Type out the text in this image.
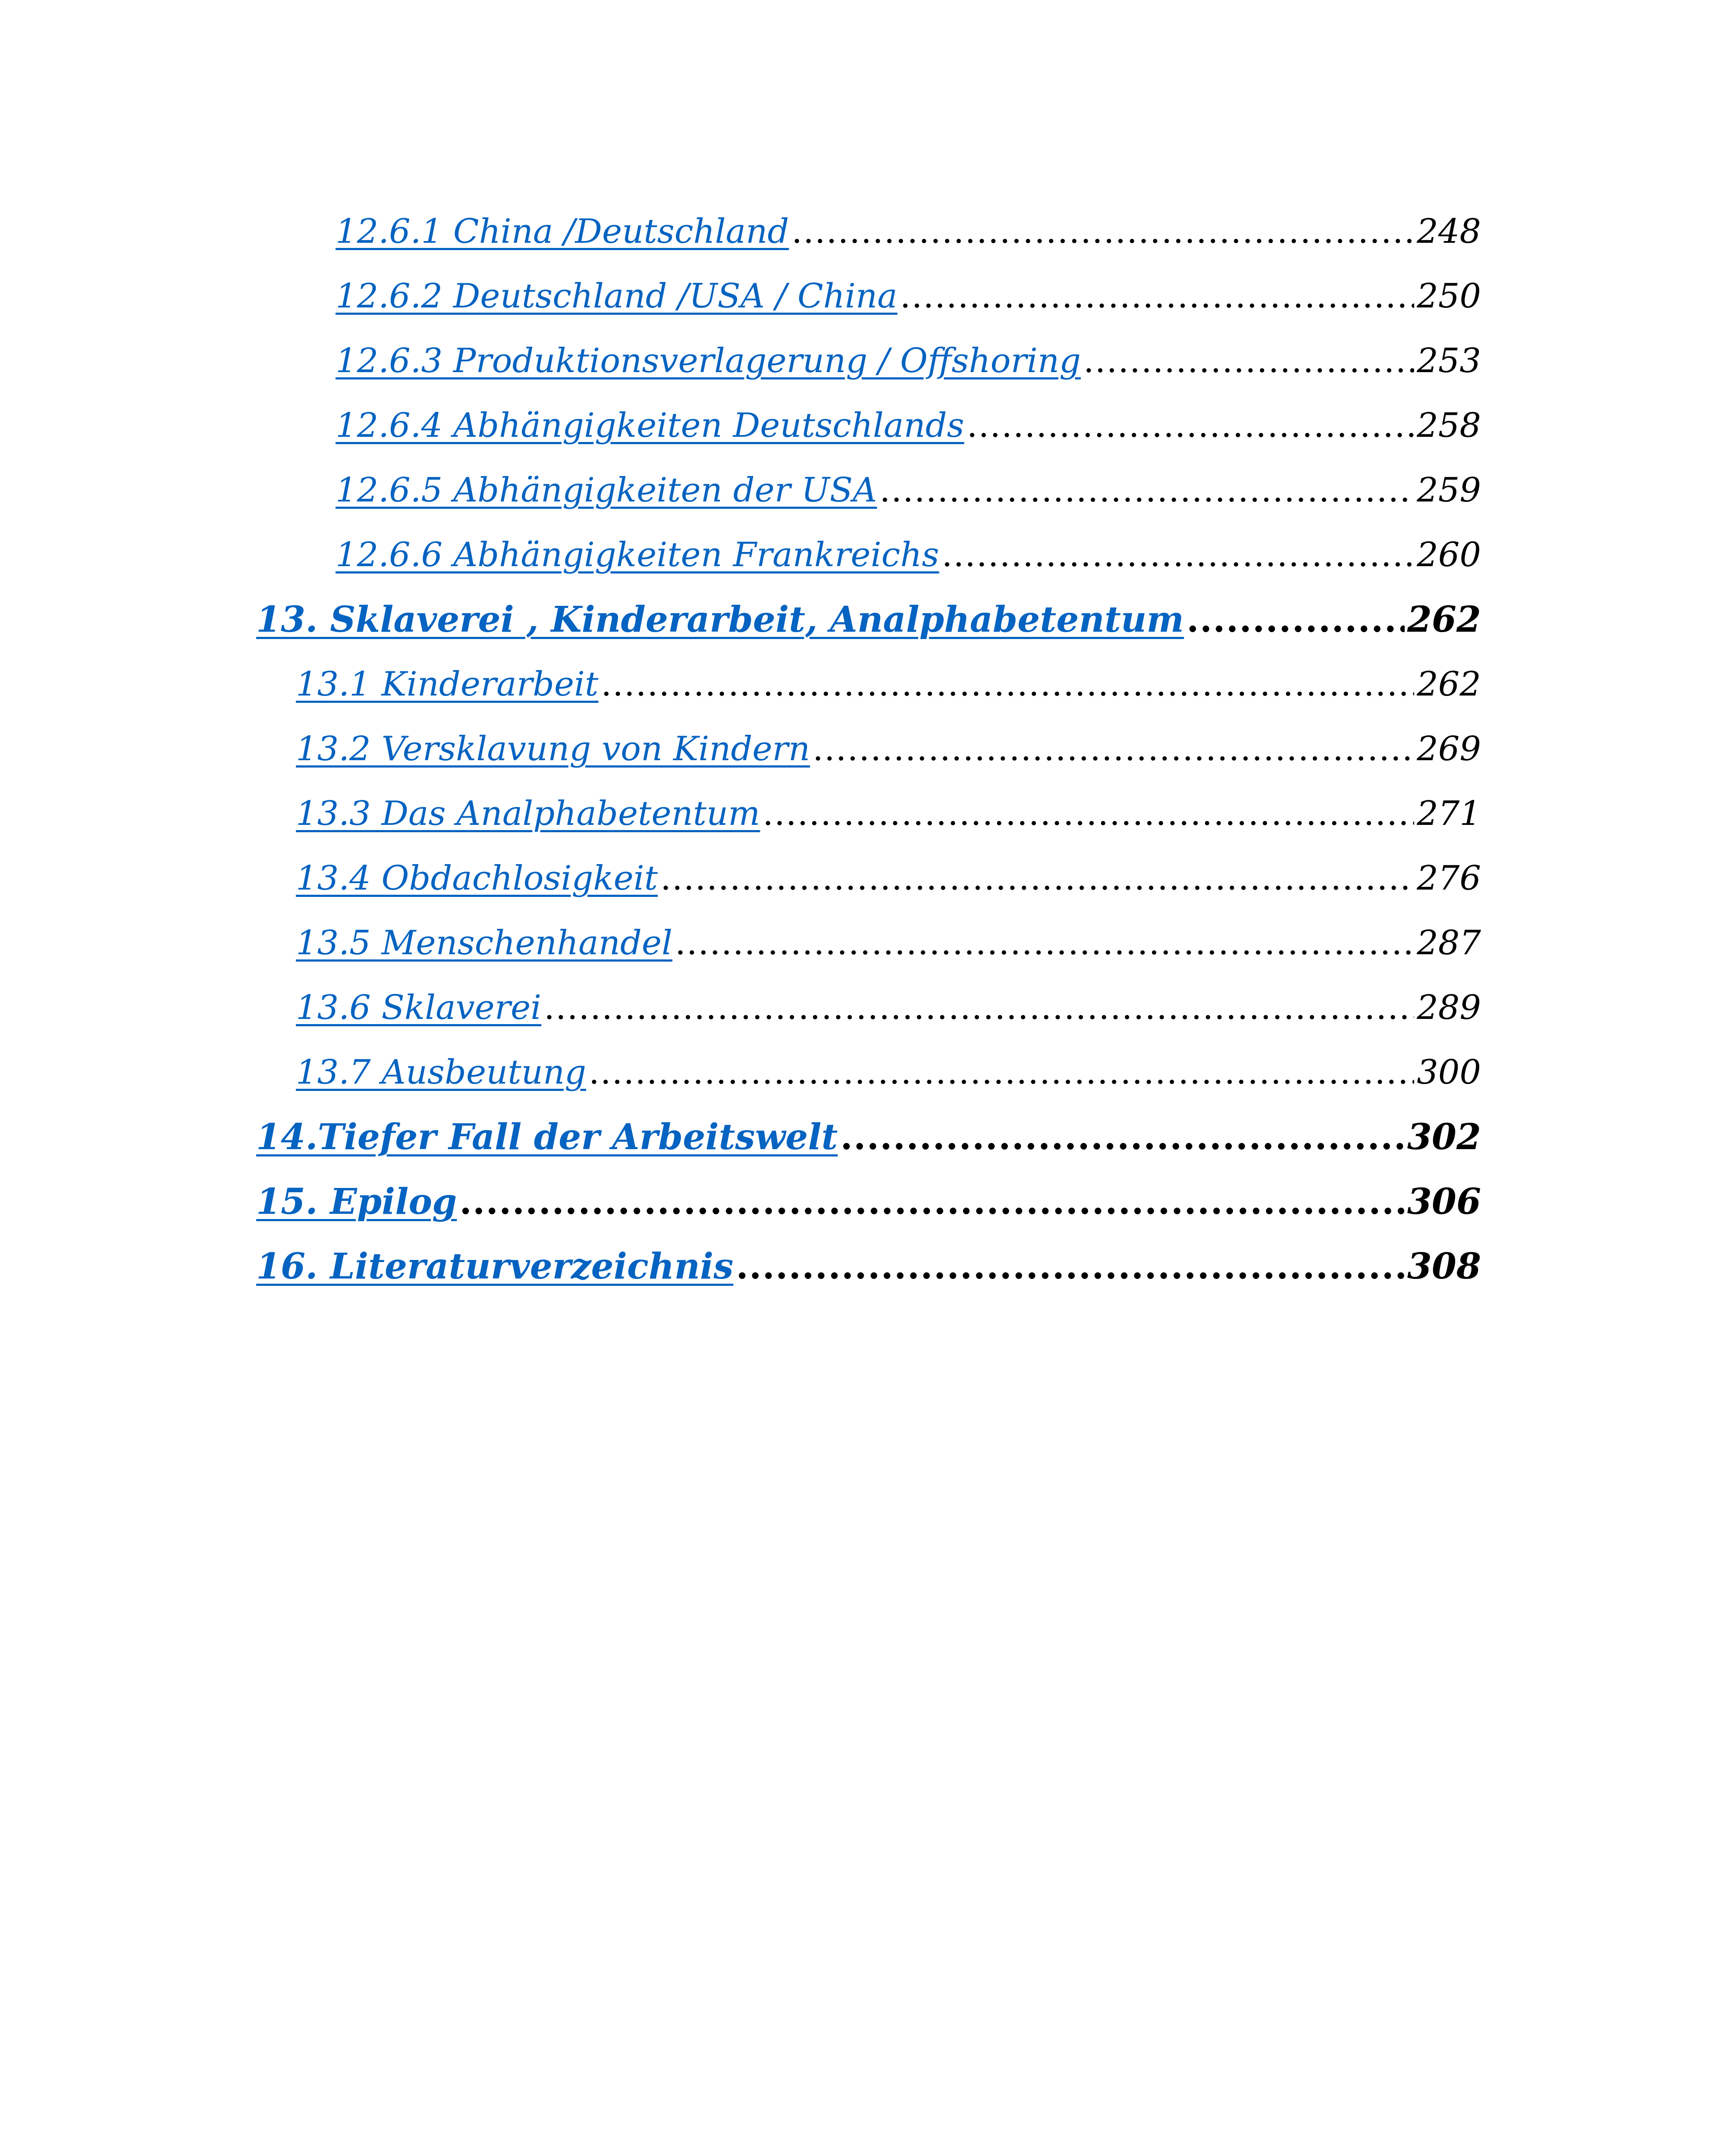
12.6.1 China /Deutschland .....	248
12.6.2 Deutschland /USA / China .....	250
12.6.3 Produktionsverlagerung / Offshoring .....	253
12.6.4 Abhängigkeiten Deutschlands .....	258
12.6.5 Abhängigkeiten der USA .....	259
12.6.6 Abhängigkeiten Frankreichs .....	260
13. Sklaverei , Kinderarbeit, Analphabetentum .....	262
13.1 Kinderarbeit .....	262
13.2 Versklavung von Kindern .....	269
13.3 Das Analphabetentum .....	271
13.4 Obdachlosigkeit .....	276
13.5 Menschenhandel .....	287
13.6 Sklaverei .....	289
13.7 Ausbeutung .....	300
14.Tiefer Fall der Arbeitswelt .....	302
15. Epilog .....	306
16. Literaturverzeichnis .....	308
